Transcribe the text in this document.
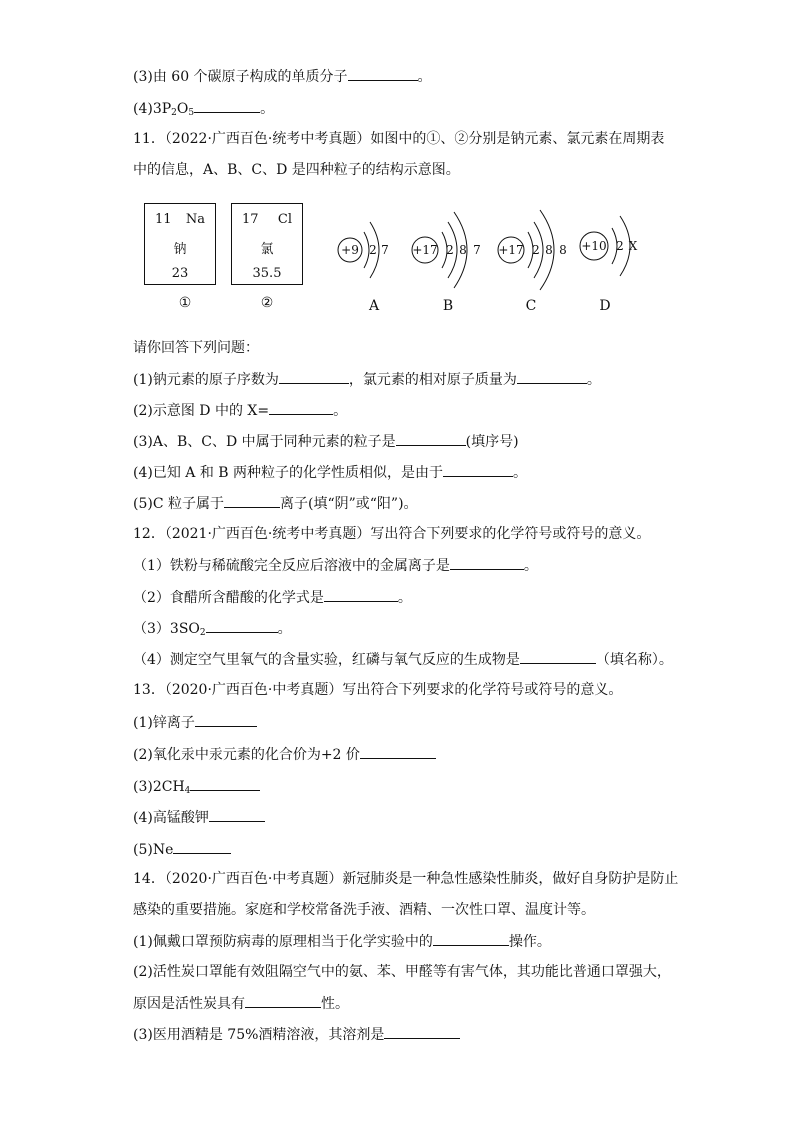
(3)由 60 个碳原子构成的单质分子	。
$(4)3P_2O_5$	。
11．（2022·广西百色·统考中考真题）如图中的①、②分别是钠元素、氯元素在周期表
中的信息，A、B、C、D 是四种粒子的结构示意图。
11 Na
钠
23
17 Cl
氯
35.5
①	②
+9 2 7 +17 2 8 7 +17 2 8 8 +10 2 X
A	B	C	D
请你回答下列问题：
(1)钠元素的原子序数为	，氯元素的相对原子质量为	。
(2)示意图 D 中的 X=	。
(3)A、B、C、D 中属于同种元素的粒子是	(填序号)
(4)已知 A 和 B 两种粒子的化学性质相似，是由于	。
(5)C 粒子属于	离子(填“阴”或“阳”)。
12．（2021·广西百色·统考中考真题）写出符合下列要求的化学符号或符号的意义。
（1）铁粉与稀硫酸完全反应后溶液中的金属离子是	。
（2）食醋所含醋酸的化学式是	。
$(3)3SO_2$	。
（4）测定空气里氧气的含量实验，红磷与氧气反应的生成物是	（填名称）。
13．（2020·广西百色·中考真题）写出符合下列要求的化学符号或符号的意义。
(1)锌离子
(2)氧化汞中汞元素的化合价为+2 价
$(3)2CH_4$
(4)高锰酸钾
(5)Ne
14．（2020·广西百色·中考真题）新冠肺炎是一种急性感染性肺炎，做好自身防护是防止
感染的重要措施。家庭和学校常备洗手液、酒精、一次性口罩、温度计等。
(1)佩戴口罩预防病毒的原理相当于化学实验中的	操作。
(2)活性炭口罩能有效阻隔空气中的氨、苯、甲醛等有害气体，其功能比普通口罩强大，
原因是活性炭具有	性。
(3)医用酒精是 75%酒精溶液，其溶剂是
